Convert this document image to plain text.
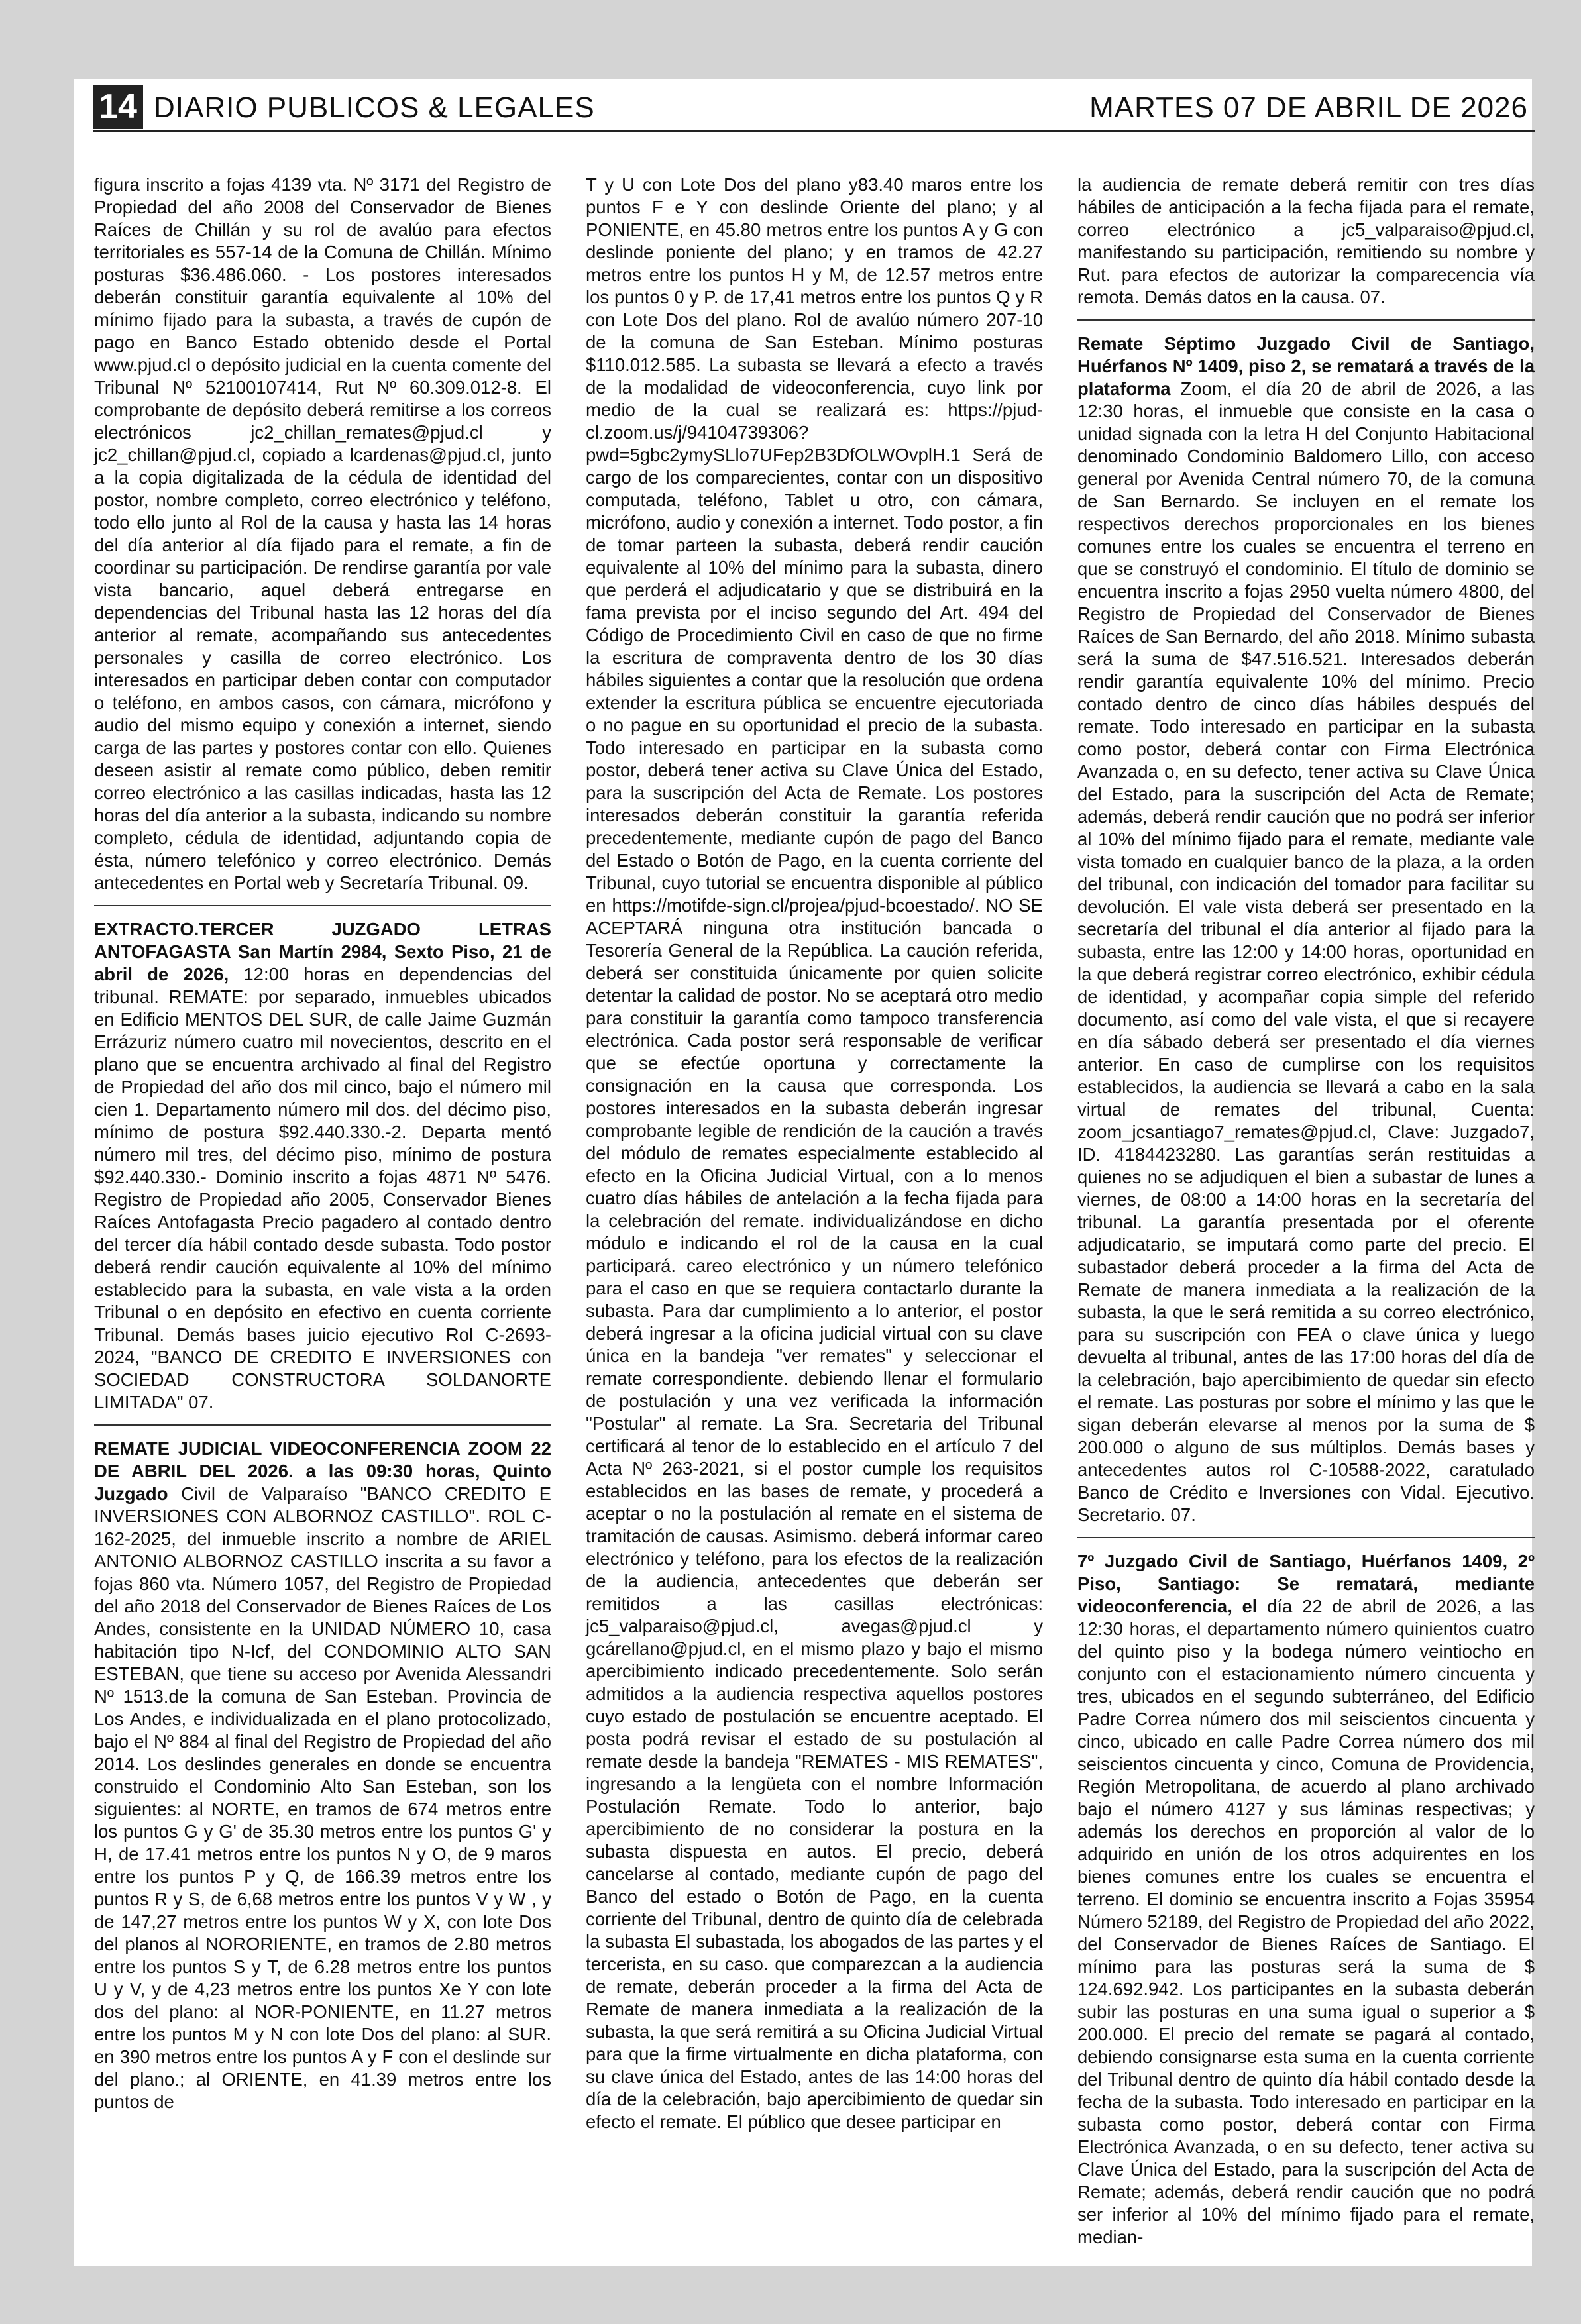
14 DIARIO PUBLICOS & LEGALES	MARTES 07 DE ABRIL DE 2026

figura inscrito a fojas 4139 vta. Nº 3171 del Registro de Propiedad del año 2008 del Conservador de Bienes Raíces de Chillán y su rol de avalúo para efectos territoriales es 557-14 de la Comuna de Chillán. Mínimo posturas $36.486.060. - Los postores interesados deberán constituir garantía equivalente al 10% del mínimo fijado para la subasta, a través de cupón de pago en Banco Estado obtenido desde el Portal www.pjud.cl o depósito judicial en la cuenta comente del Tribunal Nº 52100107414, Rut Nº 60.309.012-8. El comprobante de depósito deberá remitirse a los correos electrónicos jc2_chillan_remates@pjud.cl y jc2_chillan@pjud.cl, copiado a lcardenas@pjud.cl, junto a la copia digitalizada de la cédula de identidad del postor, nombre completo, correo electrónico y teléfono, todo ello junto al Rol de la causa y hasta las 14 horas del día anterior al día fijado para el remate, a fin de coordinar su participación. De rendirse garantía por vale vista bancario, aquel deberá entregarse en dependencias del Tribunal hasta las 12 horas del día anterior al remate, acompañando sus antecedentes personales y casilla de correo electrónico. Los interesados en participar deben contar con computador o teléfono, en ambos casos, con cámara, micrófono y audio del mismo equipo y conexión a internet, siendo carga de las partes y postores contar con ello. Quienes deseen asistir al remate como público, deben remitir correo electrónico a las casillas indicadas, hasta las 12 horas del día anterior a la subasta, indicando su nombre completo, cédula de identidad, adjuntando copia de ésta, número telefónico y correo electrónico. Demás antecedentes en Portal web y Secretaría Tribunal. 09.

EXTRACTO.TERCER JUZGADO LETRAS ANTOFAGASTA San Martín 2984, Sexto Piso, 21 de abril de 2026, 12:00 horas en dependencias del tribunal. REMATE: por separado, inmuebles ubicados en Edificio MENTOS DEL SUR, de calle Jaime Guzmán Errázuriz número cuatro mil novecientos, descrito en el plano que se encuentra archivado al final del Registro de Propiedad del año dos mil cinco, bajo el número mil cien 1. Departamento número mil dos. del décimo piso, mínimo de postura $92.440.330.-2. Departa mentó número mil tres, del décimo piso, mínimo de postura $92.440.330.- Dominio inscrito a fojas 4871 Nº 5476. Registro de Propiedad año 2005, Conservador Bienes Raíces Antofagasta Precio pagadero al contado dentro del tercer día hábil contado desde subasta. Todo postor deberá rendir caución equivalente al 10% del mínimo establecido para la subasta, en vale vista a la orden Tribunal o en depósito en efectivo en cuenta corriente Tribunal. Demás bases juicio ejecutivo Rol C-2693-2024, "BANCO DE CREDITO E INVERSIONES con SOCIEDAD CONSTRUCTORA SOLDANORTE LIMITADA" 07.

REMATE JUDICIAL VIDEOCONFERENCIA ZOOM 22 DE ABRIL DEL 2026. a las 09:30 horas, Quinto Juzgado Civil de Valparaíso "BANCO CREDITO E INVERSIONES CON ALBORNOZ CASTILLO". ROL C-162-2025, del inmueble inscrito a nombre de ARIEL ANTONIO ALBORNOZ CASTILLO inscrita a su favor a fojas 860 vta. Número 1057, del Registro de Propiedad del año 2018 del Conservador de Bienes Raíces de Los Andes, consistente en la UNIDAD NÚMERO 10, casa habitación tipo N-Icf, del CONDOMINIO ALTO SAN ESTEBAN, que tiene su acceso por Avenida Alessandri Nº 1513.de la comuna de San Esteban. Provincia de Los Andes, e individualizada en el plano protocolizado, bajo el Nº 884 al final del Registro de Propiedad del año 2014. Los deslindes generales en donde se encuentra construido el Condominio Alto San Esteban, son los siguientes: al NORTE, en tramos de 674 metros entre los puntos G y G' de 35.30 metros entre los puntos G' y H, de 17.41 metros entre los puntos N y O, de 9 maros entre los puntos P y Q, de 166.39 metros entre los puntos R y S, de 6,68 metros entre los puntos V y W , y de 147,27 metros entre los puntos W y X, con lote Dos del planos al NORORIENTE, en tramos de 2.80 metros entre los puntos S y T, de 6.28 metros entre los puntos U y V, y de 4,23 metros entre los puntos Xe Y con lote dos del plano: al NOR-PONIENTE, en 11.27 metros entre los puntos M y N con lote Dos del plano: al SUR. en 390 metros entre los puntos A y F con el deslinde sur del plano.; al ORIENTE, en 41.39 metros entre los puntos de

T y U con Lote Dos del plano y83.40 maros entre los puntos F e Y con deslinde Oriente del plano; y al PONIENTE, en 45.80 metros entre los puntos A y G con deslinde poniente del plano; y en tramos de 42.27 metros entre los puntos H y M, de 12.57 metros entre los puntos 0 y P. de 17,41 metros entre los puntos Q y R con Lote Dos del plano. Rol de avalúo número 207-10 de la comuna de San Esteban. Mínimo posturas $110.012.585. La subasta se llevará a efecto a través de la modalidad de videoconferencia, cuyo link por medio de la cual se realizará es: https://pjud-cl.zoom.us/j/94104739306?pwd=5gbc2ymySLlo7UFep2B3DfOLWOvplH.1 Será de cargo de los comparecientes, contar con un dispositivo computada, teléfono, Tablet u otro, con cámara, micrófono, audio y conexión a internet. Todo postor, a fin de tomar parteen la subasta, deberá rendir caución equivalente al 10% del mínimo para la subasta, dinero que perderá el adjudicatario y que se distribuirá en la fama prevista por el inciso segundo del Art. 494 del Código de Procedimiento Civil en caso de que no firme la escritura de compraventa dentro de los 30 días hábiles siguientes a contar que la resolución que ordena extender la escritura pública se encuentre ejecutoriada o no pague en su oportunidad el precio de la subasta. Todo interesado en participar en la subasta como postor, deberá tener activa su Clave Única del Estado, para la suscripción del Acta de Remate. Los postores interesados deberán constituir la garantía referida precedentemente, mediante cupón de pago del Banco del Estado o Botón de Pago, en la cuenta corriente del Tribunal, cuyo tutorial se encuentra disponible al público en https://motifde-sign.cl/projea/pjud-bcoestado/. NO SE ACEPTARÁ ninguna otra institución bancada o Tesorería General de la República. La caución referida, deberá ser constituida únicamente por quien solicite detentar la calidad de postor. No se aceptará otro medio para constituir la garantía como tampoco transferencia electrónica. Cada postor será responsable de verificar que se efectúe oportuna y correctamente la consignación en la causa que corresponda. Los postores interesados en la subasta deberán ingresar comprobante legible de rendición de la caución a través del módulo de remates especialmente establecido al efecto en la Oficina Judicial Virtual, con a lo menos cuatro días hábiles de antelación a la fecha fijada para la celebración del remate. individualizándose en dicho módulo e indicando el rol de la causa en la cual participará. careo electrónico y un número telefónico para el caso en que se requiera contactarlo durante la subasta. Para dar cumplimiento a lo anterior, el postor deberá ingresar a la oficina judicial virtual con su clave única en la bandeja "ver remates" y seleccionar el remate correspondiente. debiendo llenar el formulario de postulación y una vez verificada la información "Postular" al remate. La Sra. Secretaria del Tribunal certificará al tenor de lo establecido en el artículo 7 del Acta Nº 263-2021, si el postor cumple los requisitos establecidos en las bases de remate, y procederá a aceptar o no la postulación al remate en el sistema de tramitación de causas. Asimismo. deberá informar careo electrónico y teléfono, para los efectos de la realización de la audiencia, antecedentes que deberán ser remitidos a las casillas electrónicas: jc5_valparaiso@pjud.cl, avegas@pjud.cl y gcárellano@pjud.cl, en el mismo plazo y bajo el mismo apercibimiento indicado precedentemente. Solo serán admitidos a la audiencia respectiva aquellos postores cuyo estado de postulación se encuentre aceptado. El posta podrá revisar el estado de su postulación al remate desde la bandeja "REMATES - MIS REMATES", ingresando a la lengüeta con el nombre Información Postulación Remate. Todo lo anterior, bajo apercibimiento de no considerar la postura en la subasta dispuesta en autos. El precio, deberá cancelarse al contado, mediante cupón de pago del Banco del estado o Botón de Pago, en la cuenta corriente del Tribunal, dentro de quinto día de celebrada la subasta El subastada, los abogados de las partes y el tercerista, en su caso. que comparezcan a la audiencia de remate, deberán proceder a la firma del Acta de Remate de manera inmediata a la realización de la subasta, la que será remitirá a su Oficina Judicial Virtual para que la firme virtualmente en dicha plataforma, con su clave única del Estado, antes de las 14:00 horas del día de la celebración, bajo apercibimiento de quedar sin efecto el remate. El público que desee participar en

la audiencia de remate deberá remitir con tres días hábiles de anticipación a la fecha fijada para el remate, correo electrónico a jc5_valparaiso@pjud.cl, manifestando su participación, remitiendo su nombre y Rut. para efectos de autorizar la comparecencia vía remota. Demás datos en la causa. 07.

Remate Séptimo Juzgado Civil de Santiago, Huérfanos Nº 1409, piso 2, se rematará a través de la plataforma Zoom, el día 20 de abril de 2026, a las 12:30 horas, el inmueble que consiste en la casa o unidad signada con la letra H del Conjunto Habitacional denominado Condominio Baldomero Lillo, con acceso general por Avenida Central número 70, de la comuna de San Bernardo. Se incluyen en el remate los respectivos derechos proporcionales en los bienes comunes entre los cuales se encuentra el terreno en que se construyó el condominio. El título de dominio se encuentra inscrito a fojas 2950 vuelta número 4800, del Registro de Propiedad del Conservador de Bienes Raíces de San Bernardo, del año 2018. Mínimo subasta será la suma de $47.516.521. Interesados deberán rendir garantía equivalente 10% del mínimo. Precio contado dentro de cinco días hábiles después del remate. Todo interesado en participar en la subasta como postor, deberá contar con Firma Electrónica Avanzada o, en su defecto, tener activa su Clave Única del Estado, para la suscripción del Acta de Remate; además, deberá rendir caución que no podrá ser inferior al 10% del mínimo fijado para el remate, mediante vale vista tomado en cualquier banco de la plaza, a la orden del tribunal, con indicación del tomador para facilitar su devolución. El vale vista deberá ser presentado en la secretaría del tribunal el día anterior al fijado para la subasta, entre las 12:00 y 14:00 horas, oportunidad en la que deberá registrar correo electrónico, exhibir cédula de identidad, y acompañar copia simple del referido documento, así como del vale vista, el que si recayere en día sábado deberá ser presentado el día viernes anterior. En caso de cumplirse con los requisitos establecidos, la audiencia se llevará a cabo en la sala virtual de remates del tribunal, Cuenta: zoom_jcsantiago7_remates@pjud.cl, Clave: Juzgado7, ID. 4184423280. Las garantías serán restituidas a quienes no se adjudiquen el bien a subastar de lunes a viernes, de 08:00 a 14:00 horas en la secretaría del tribunal. La garantía presentada por el oferente adjudicatario, se imputará como parte del precio. El subastador deberá proceder a la firma del Acta de Remate de manera inmediata a la realización de la subasta, la que le será remitida a su correo electrónico, para su suscripción con FEA o clave única y luego devuelta al tribunal, antes de las 17:00 horas del día de la celebración, bajo apercibimiento de quedar sin efecto el remate. Las posturas por sobre el mínimo y las que le sigan deberán elevarse al menos por la suma de $ 200.000 o alguno de sus múltiplos. Demás bases y antecedentes autos rol C-10588-2022, caratulado Banco de Crédito e Inversiones con Vidal. Ejecutivo. Secretario. 07.

7º Juzgado Civil de Santiago, Huérfanos 1409, 2º Piso, Santiago: Se rematará, mediante videoconferencia, el día 22 de abril de 2026, a las 12:30 horas, el departamento número quinientos cuatro del quinto piso y la bodega número veintiocho en conjunto con el estacionamiento número cincuenta y tres, ubicados en el segundo subterráneo, del Edificio Padre Correa número dos mil seiscientos cincuenta y cinco, ubicado en calle Padre Correa número dos mil seiscientos cincuenta y cinco, Comuna de Providencia, Región Metropolitana, de acuerdo al plano archivado bajo el número 4127 y sus láminas respectivas; y además los derechos en proporción al valor de lo adquirido en unión de los otros adquirentes en los bienes comunes entre los cuales se encuentra el terreno. El dominio se encuentra inscrito a Fojas 35954 Número 52189, del Registro de Propiedad del año 2022, del Conservador de Bienes Raíces de Santiago. El mínimo para las posturas será la suma de $ 124.692.942. Los participantes en la subasta deberán subir las posturas en una suma igual o superior a $ 200.000. El precio del remate se pagará al contado, debiendo consignarse esta suma en la cuenta corriente del Tribunal dentro de quinto día hábil contado desde la fecha de la subasta. Todo interesado en participar en la subasta como postor, deberá contar con Firma Electrónica Avanzada, o en su defecto, tener activa su Clave Única del Estado, para la suscripción del Acta de Remate; además, deberá rendir caución que no podrá ser inferior al 10% del mínimo fijado para el remate, median-
